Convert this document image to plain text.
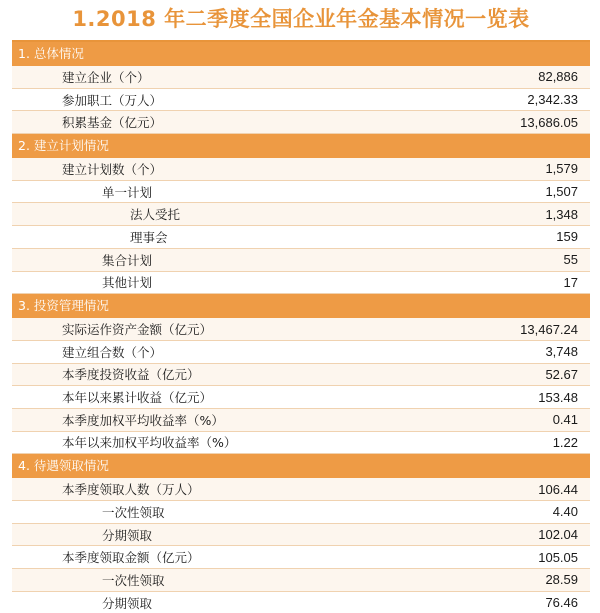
1.2018 年二季度全国企业年金基本情况一览表
1. 总体情况
建立企业（个）	82,886
参加职工（万人）	2,342.33
积累基金（亿元）	13,686.05
2. 建立计划情况
建立计划数（个）	1,579
单一计划	1,507
法人受托	1,348
理事会	159
集合计划	55
其他计划	17
3. 投资管理情况
实际运作资产金额（亿元）	13,467.24
建立组合数（个）	3,748
本季度投资收益（亿元）	52.67
本年以来累计收益（亿元）	153.48
本季度加权平均收益率（%）	0.41
本年以来加权平均收益率（%）	1.22
4. 待遇领取情况
本季度领取人数（万人）	106.44
一次性领取	4.40
分期领取	102.04
本季度领取金额（亿元）	105.05
一次性领取	28.59
分期领取	76.46
